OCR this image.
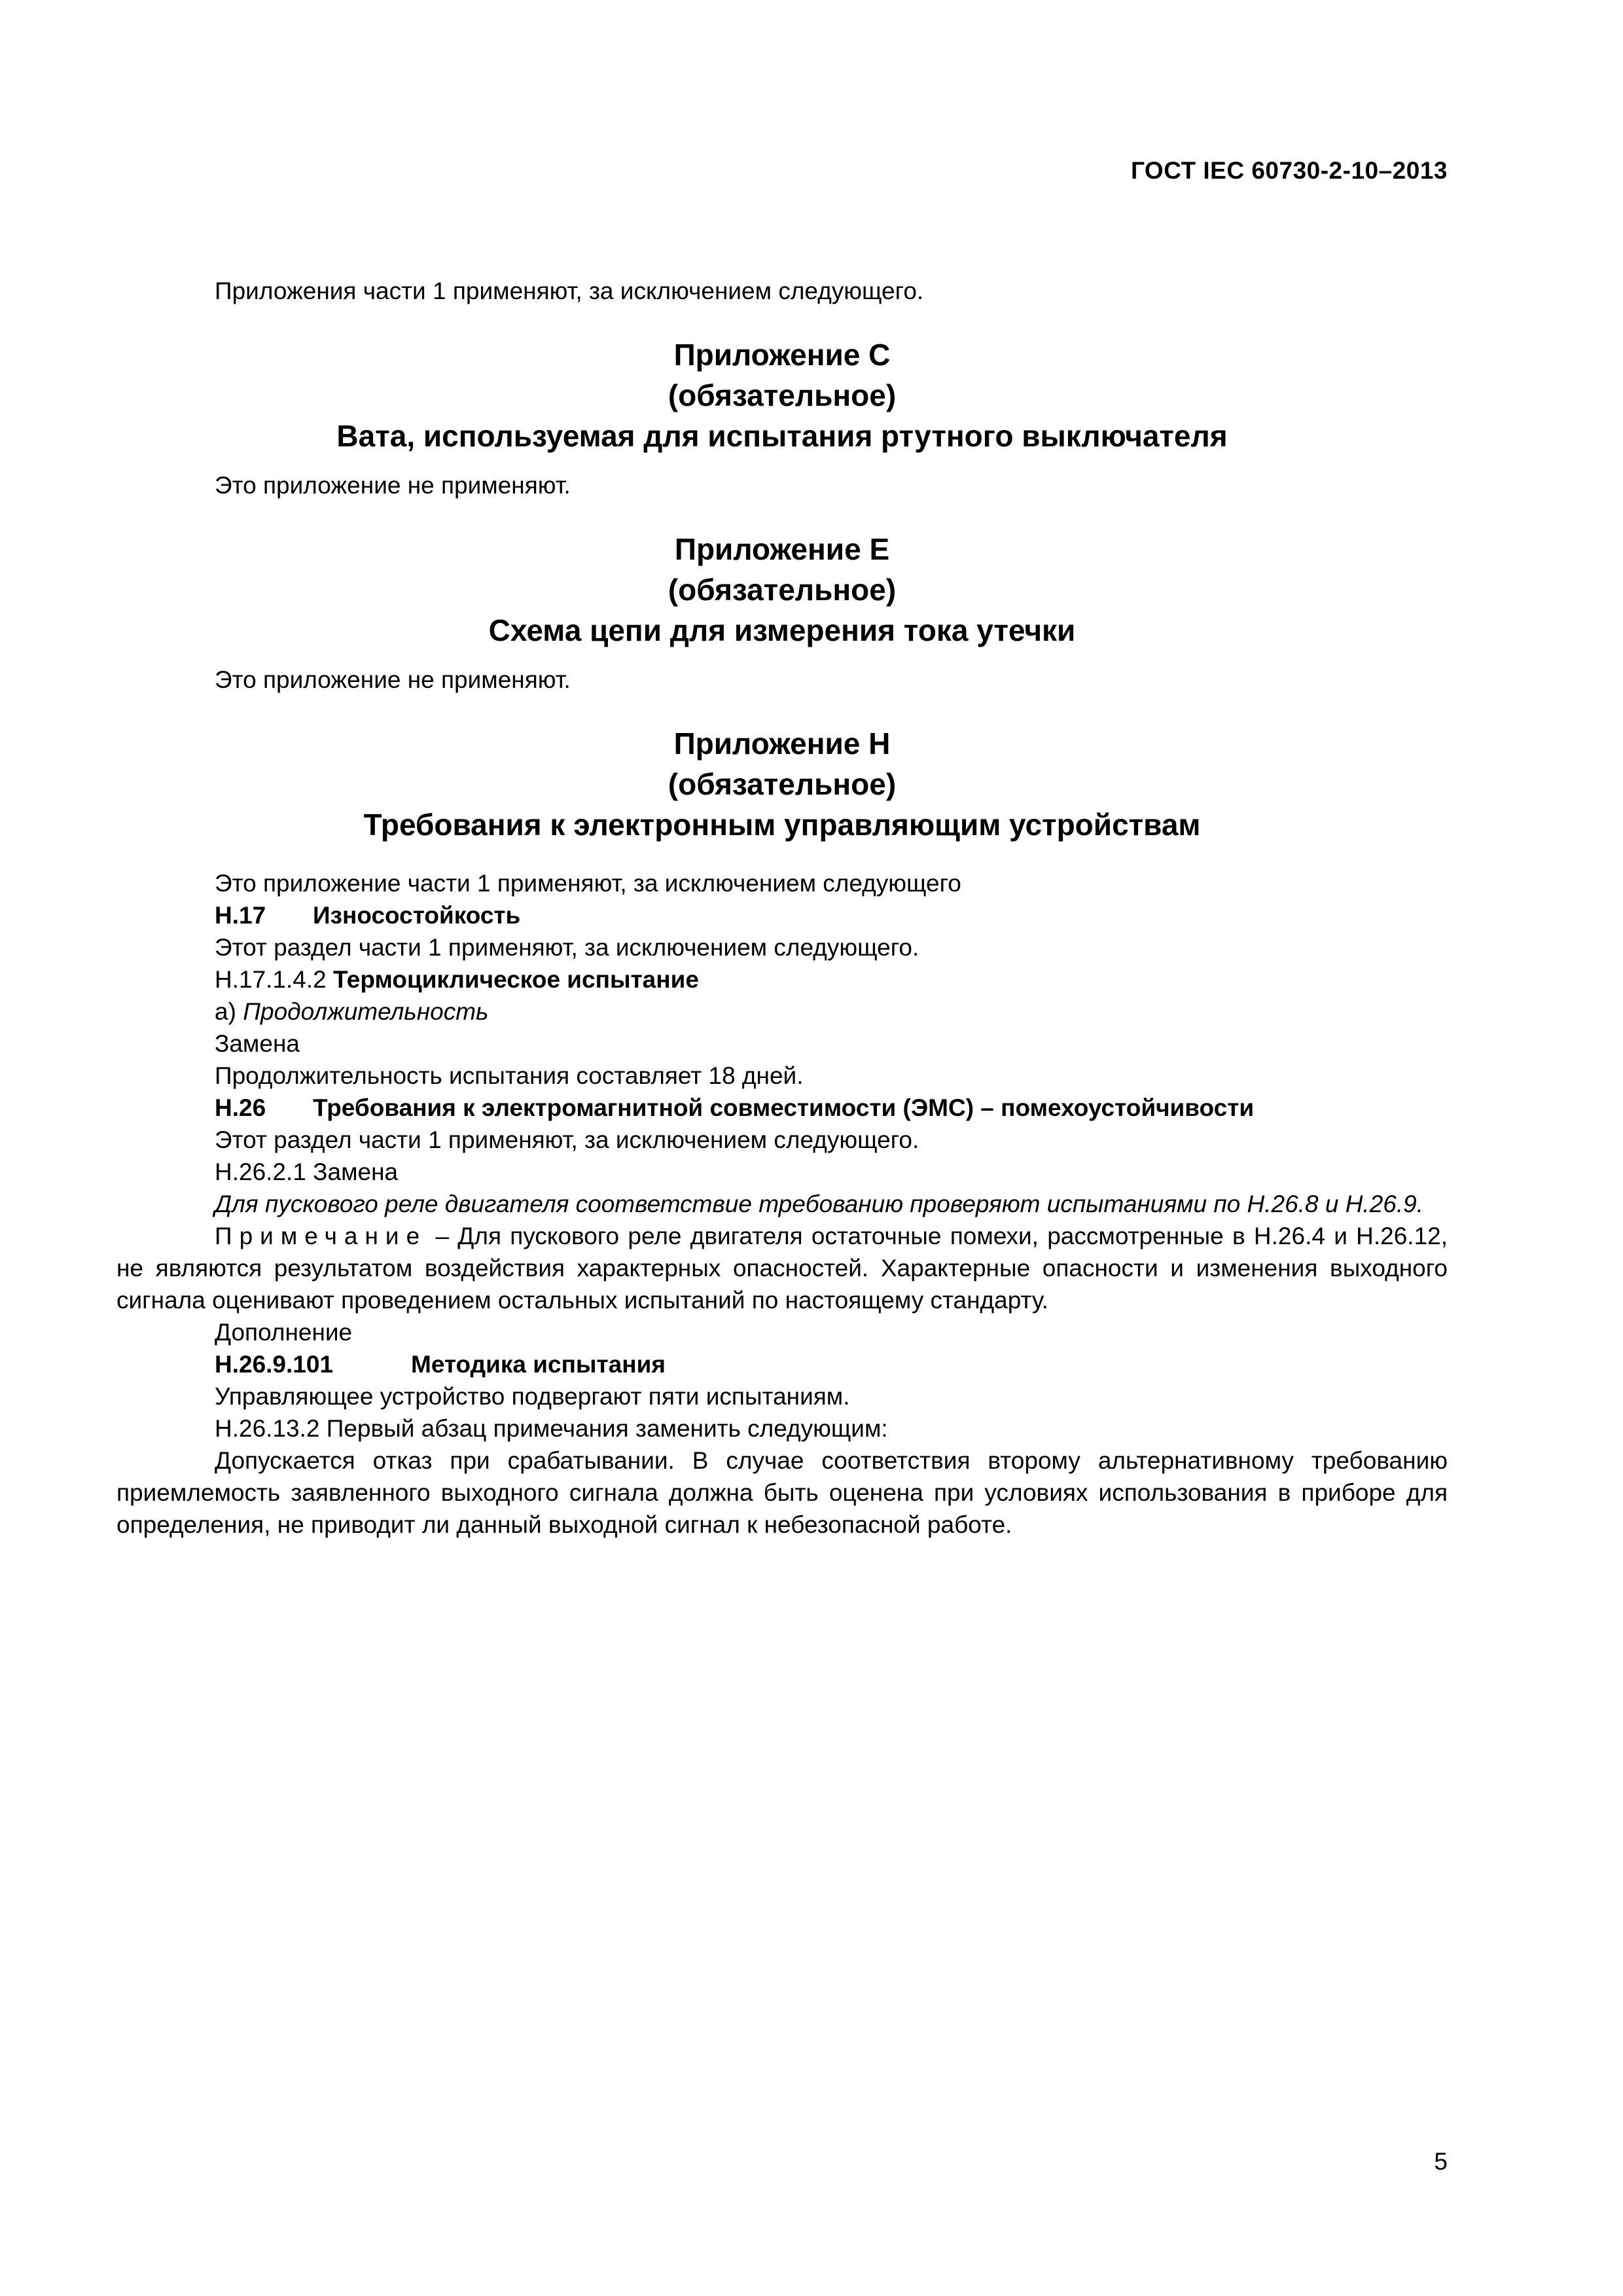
ГОСТ IEC 60730-2-10–2013

Приложения части 1 применяют, за исключением следующего.

Приложение С

(обязательное)

Вата, используемая для испытания ртутного выключателя

Это приложение не применяют.

Приложение Е

(обязательное)

Схема цепи для измерения тока утечки

Это приложение не применяют.

Приложение Н

(обязательное)

Требования к электронным управляющим устройствам

Это приложение части 1 применяют, за исключением следующего

Н.17 Износостойкость

Этот раздел части 1 применяют, за исключением следующего.

Н.17.1.4.2 Термоциклическое испытание

а) Продолжительность

Замена

Продолжительность испытания составляет 18 дней.

Н.26 Требования к электромагнитной совместимости (ЭМС) – помехоустойчивости

Этот раздел части 1 применяют, за исключением следующего.

Н.26.2.1 Замена

Для пускового реле двигателя соответствие требованию проверяют испытаниями по Н.26.8 и Н.26.9.

Примечание – Для пускового реле двигателя остаточные помехи, рассмотренные в Н.26.4 и Н.26.12, не являются результатом воздействия характерных опасностей. Характерные опасности и изменения выходного сигнала оценивают проведением остальных испытаний по настоящему стандарту.

Дополнение

Н.26.9.101	Методика испытания

Управляющее устройство подвергают пяти испытаниям.

Н.26.13.2 Первый абзац примечания заменить следующим:

Допускается отказ при срабатывании. В случае соответствия второму альтернативному требованию приемлемость заявленного выходного сигнала должна быть оценена при условиях использования в приборе для определения, не приводит ли данный выходной сигнал к небезопасной работе.

5
